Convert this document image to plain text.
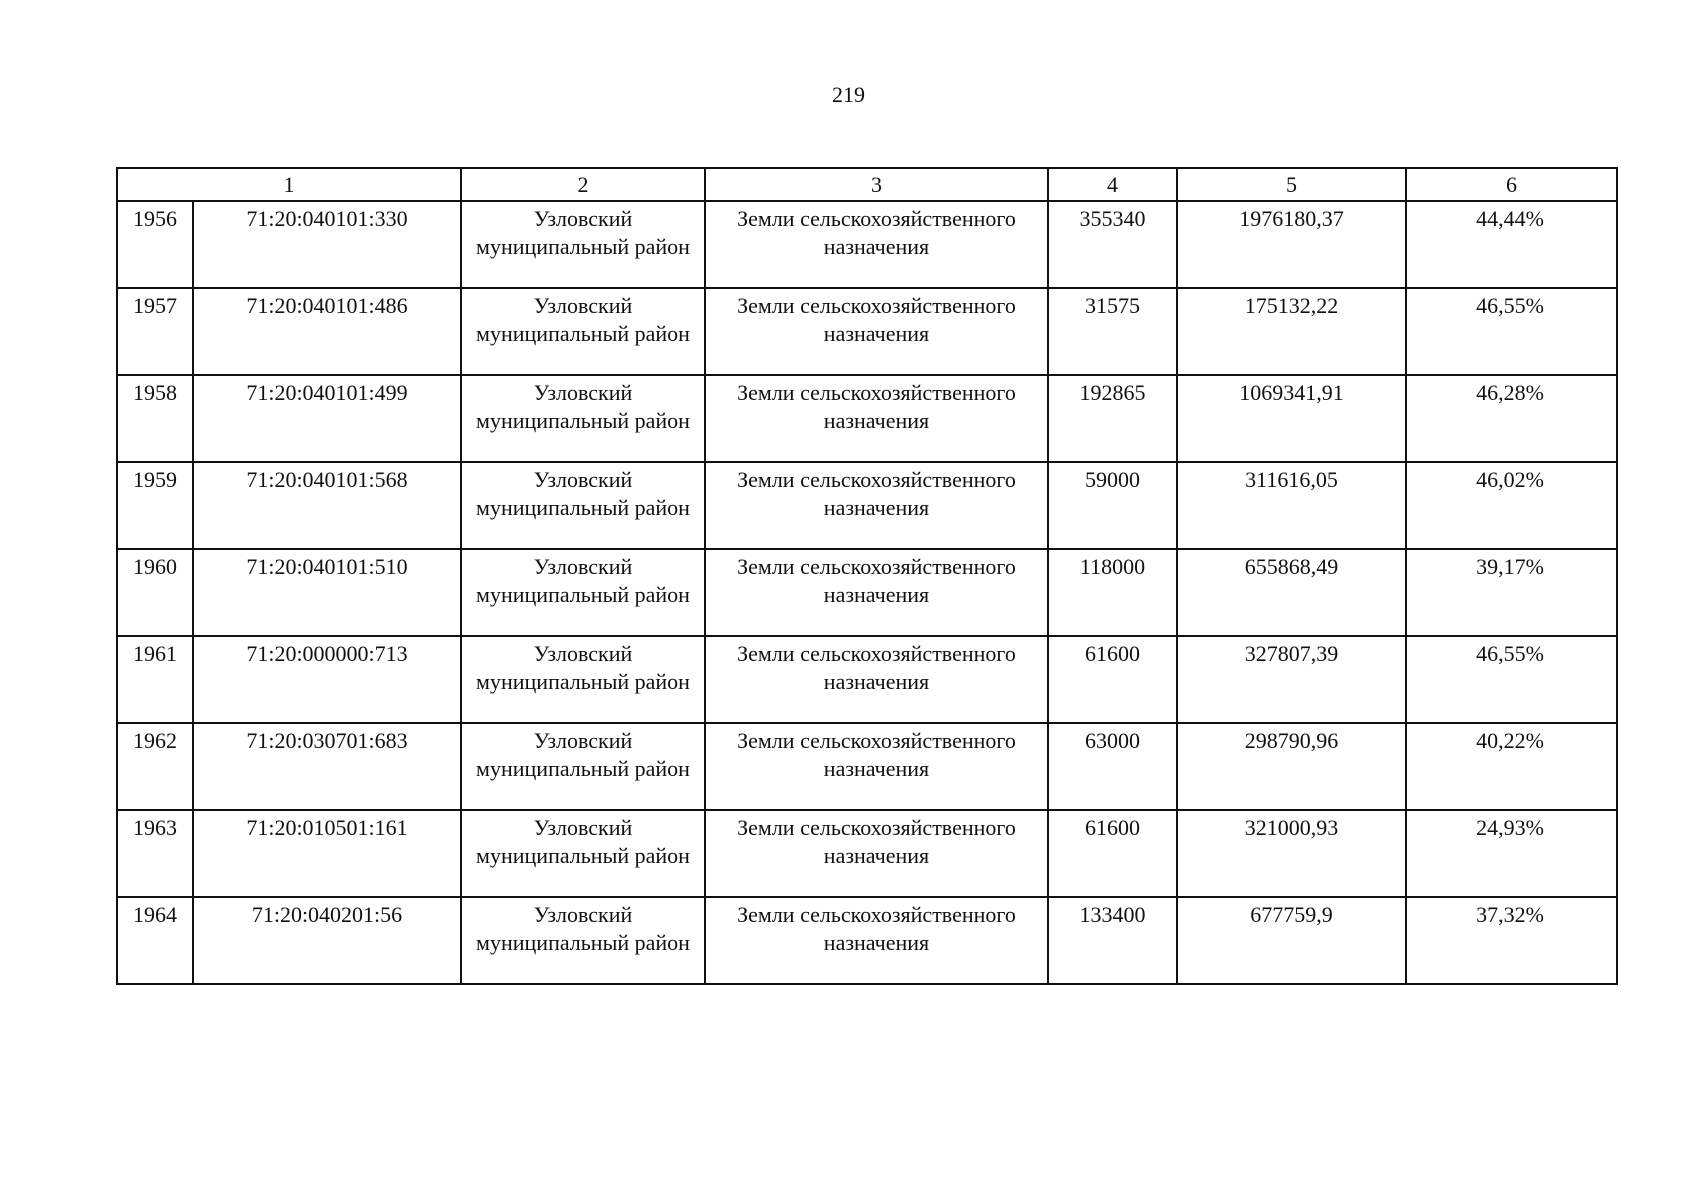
219
1		2	3	4	5	6
1956	71:20:040101:330	Узловский муниципальный район	Земли сельскохозяйственного назначения	355340	1976180,37	44,44%
1957	71:20:040101:486	Узловский муниципальный район	Земли сельскохозяйственного назначения	31575	175132,22	46,55%
1958	71:20:040101:499	Узловский муниципальный район	Земли сельскохозяйственного назначения	192865	1069341,91	46,28%
1959	71:20:040101:568	Узловский муниципальный район	Земли сельскохозяйственного назначения	59000	311616,05	46,02%
1960	71:20:040101:510	Узловский муниципальный район	Земли сельскохозяйственного назначения	118000	655868,49	39,17%
1961	71:20:000000:713	Узловский муниципальный район	Земли сельскохозяйственного назначения	61600	327807,39	46,55%
1962	71:20:030701:683	Узловский муниципальный район	Земли сельскохозяйственного назначения	63000	298790,96	40,22%
1963	71:20:010501:161	Узловский муниципальный район	Земли сельскохозяйственного назначения	61600	321000,93	24,93%
1964	71:20:040201:56	Узловский муниципальный район	Земли сельскохозяйственного назначения	133400	677759,9	37,32%
